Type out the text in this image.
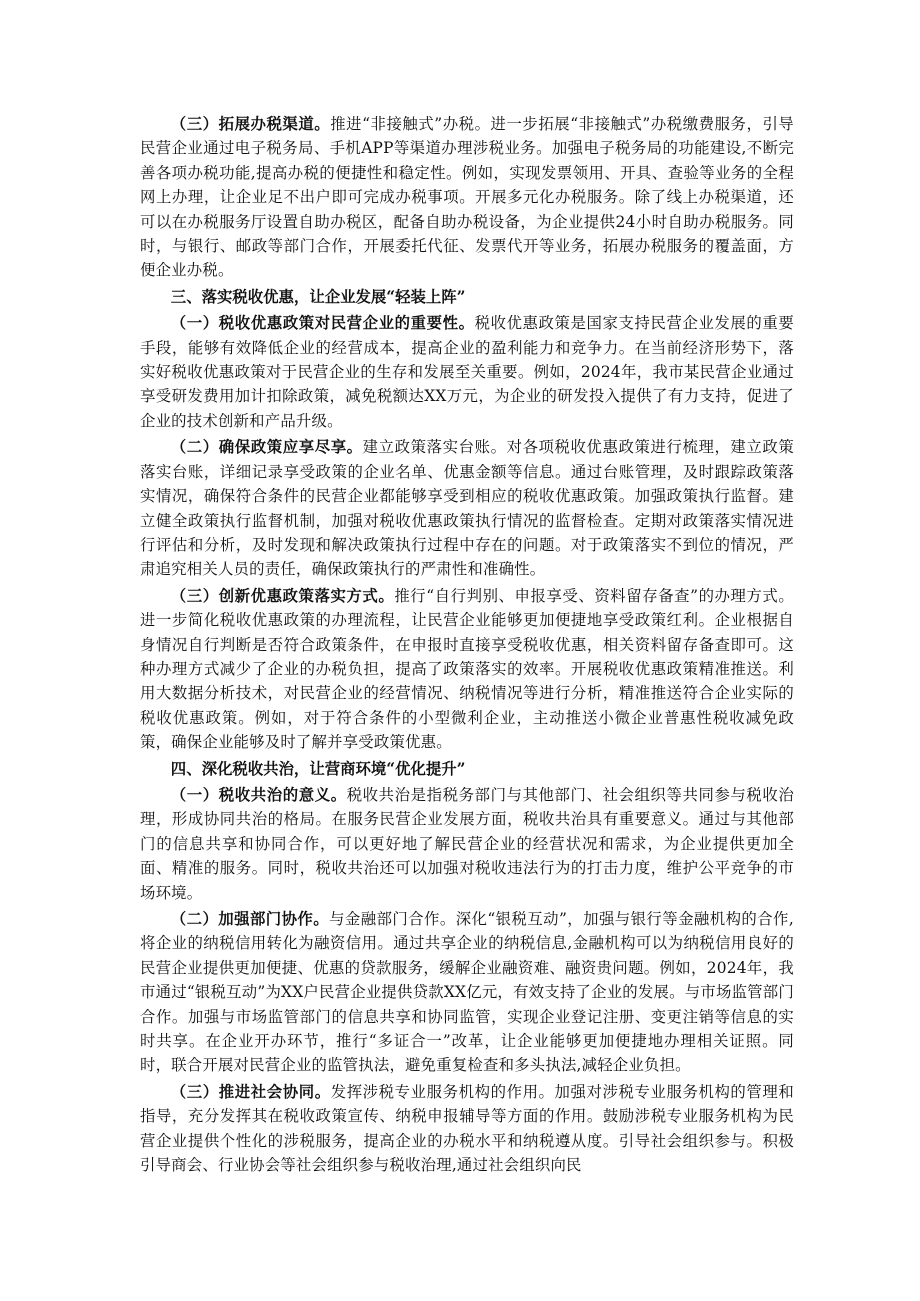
（三）拓展办税渠道。推进“非接触式”办税。进一步拓展“非接触式”办税缴费服务，引导民营企业通过电子税务局、手机APP等渠道办理涉税业务。加强电子税务局的功能建设,不断完善各项办税功能,提高办税的便捷性和稳定性。例如，实现发票领用、开具、查验等业务的全程网上办理，让企业足不出户即可完成办税事项。开展多元化办税服务。除了线上办税渠道，还可以在办税服务厅设置自助办税区，配备自助办税设备，为企业提供24小时自助办税服务。同时，与银行、邮政等部门合作，开展委托代征、发票代开等业务，拓展办税服务的覆盖面，方便企业办税。

三、落实税收优惠，让企业发展“轻装上阵”

（一）税收优惠政策对民营企业的重要性。税收优惠政策是国家支持民营企业发展的重要手段，能够有效降低企业的经营成本，提高企业的盈利能力和竞争力。在当前经济形势下，落实好税收优惠政策对于民营企业的生存和发展至关重要。例如，2024年，我市某民营企业通过享受研发费用加计扣除政策，减免税额达XX万元，为企业的研发投入提供了有力支持，促进了企业的技术创新和产品升级。

（二）确保政策应享尽享。建立政策落实台账。对各项税收优惠政策进行梳理，建立政策落实台账，详细记录享受政策的企业名单、优惠金额等信息。通过台账管理，及时跟踪政策落实情况，确保符合条件的民营企业都能够享受到相应的税收优惠政策。加强政策执行监督。建立健全政策执行监督机制，加强对税收优惠政策执行情况的监督检查。定期对政策落实情况进行评估和分析，及时发现和解决政策执行过程中存在的问题。对于政策落实不到位的情况，严肃追究相关人员的责任，确保政策执行的严肃性和准确性。

（三）创新优惠政策落实方式。推行“自行判别、申报享受、资料留存备查”的办理方式。进一步简化税收优惠政策的办理流程，让民营企业能够更加便捷地享受政策红利。企业根据自身情况自行判断是否符合政策条件，在申报时直接享受税收优惠，相关资料留存备查即可。这种办理方式减少了企业的办税负担，提高了政策落实的效率。开展税收优惠政策精准推送。利用大数据分析技术，对民营企业的经营情况、纳税情况等进行分析，精准推送符合企业实际的税收优惠政策。例如，对于符合条件的小型微利企业，主动推送小微企业普惠性税收减免政策，确保企业能够及时了解并享受政策优惠。

四、深化税收共治，让营商环境“优化提升”

（一）税收共治的意义。税收共治是指税务部门与其他部门、社会组织等共同参与税收治理，形成协同共治的格局。在服务民营企业发展方面，税收共治具有重要意义。通过与其他部门的信息共享和协同合作，可以更好地了解民营企业的经营状况和需求，为企业提供更加全面、精准的服务。同时，税收共治还可以加强对税收违法行为的打击力度，维护公平竞争的市场环境。

（二）加强部门协作。与金融部门合作。深化“银税互动”，加强与银行等金融机构的合作,将企业的纳税信用转化为融资信用。通过共享企业的纳税信息,金融机构可以为纳税信用良好的民营企业提供更加便捷、优惠的贷款服务，缓解企业融资难、融资贵问题。例如，2024年，我市通过“银税互动”为XX户民营企业提供贷款XX亿元，有效支持了企业的发展。与市场监管部门合作。加强与市场监管部门的信息共享和协同监管，实现企业登记注册、变更注销等信息的实时共享。在企业开办环节，推行“多证合一”改革，让企业能够更加便捷地办理相关证照。同时，联合开展对民营企业的监管执法，避免重复检查和多头执法,减轻企业负担。

（三）推进社会协同。发挥涉税专业服务机构的作用。加强对涉税专业服务机构的管理和指导，充分发挥其在税收政策宣传、纳税申报辅导等方面的作用。鼓励涉税专业服务机构为民营企业提供个性化的涉税服务，提高企业的办税水平和纳税遵从度。引导社会组织参与。积极引导商会、行业协会等社会组织参与税收治理,通过社会组织向民
